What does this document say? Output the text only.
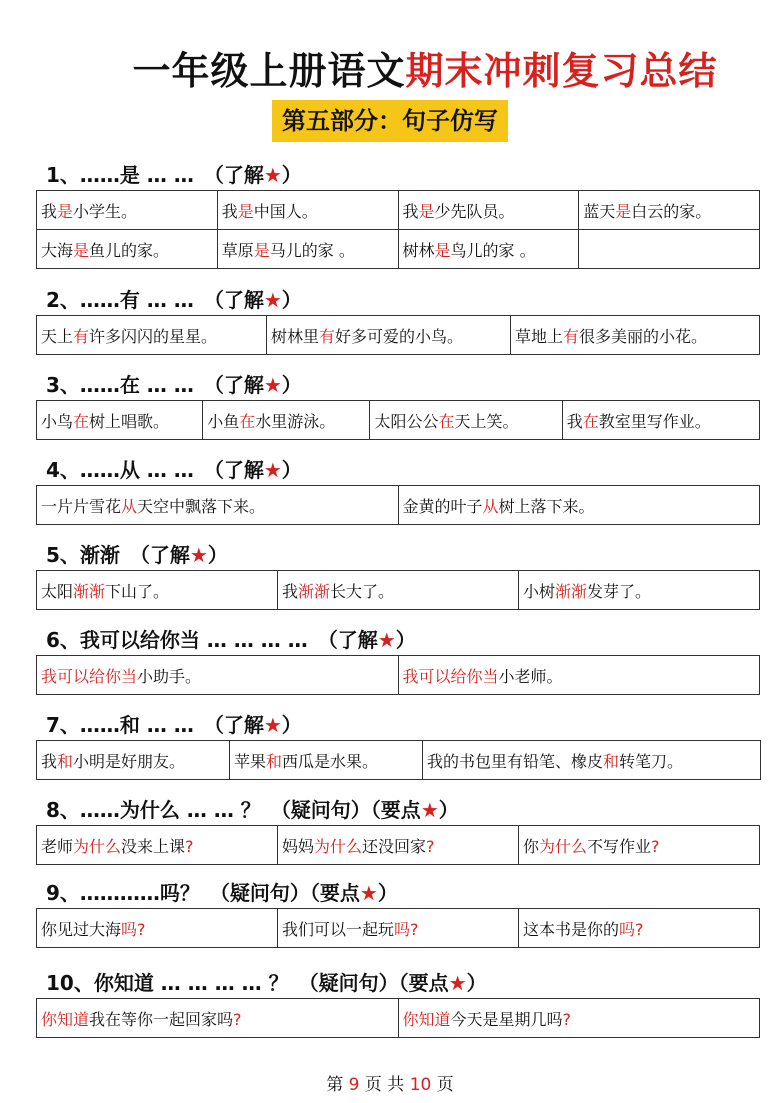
一年级上册语文期末冲刺复习总结
第五部分：句子仿写
1、……是 … … （了解★）
我是小学生。	我是中国人。	我是少先队员。	蓝天是白云的家。
大海是鱼儿的家。	草原是马儿的家 。	树林是鸟儿的家 。	
2、……有 … … （了解★）
天上有许多闪闪的星星。	树林里有好多可爱的小鸟。	草地上有很多美丽的小花。
3、……在 … … （了解★）
小鸟在树上唱歌。	小鱼在水里游泳。	太阳公公在天上笑。	我在教室里写作业。
4、……从 … … （了解★）
一片片雪花从天空中飘落下来。	金黄的叶子从树上落下来。
5、渐渐 （了解★）
太阳渐渐下山了。	我渐渐长大了。	小树渐渐发芽了。
6、我可以给你当 … … … … （了解★）
我可以给你当小助手。	我可以给你当小老师。
7、……和 … … （了解★）
我和小明是好朋友。	苹果和西瓜是水果。	我的书包里有铅笔、橡皮和转笔刀。
8、……为什么 … … ？ （疑问句）（要点★）
老师为什么没来上课?	妈妈为什么还没回家?	你为什么不写作业?
9、…………吗？ （疑问句）（要点★）
你见过大海吗?	我们可以一起玩吗?	这本书是你的吗?
10、你知道 … … … … ？ （疑问句）（要点★）
你知道我在等你一起回家吗?	你知道今天是星期几吗?
第 9 页 共 10 页
